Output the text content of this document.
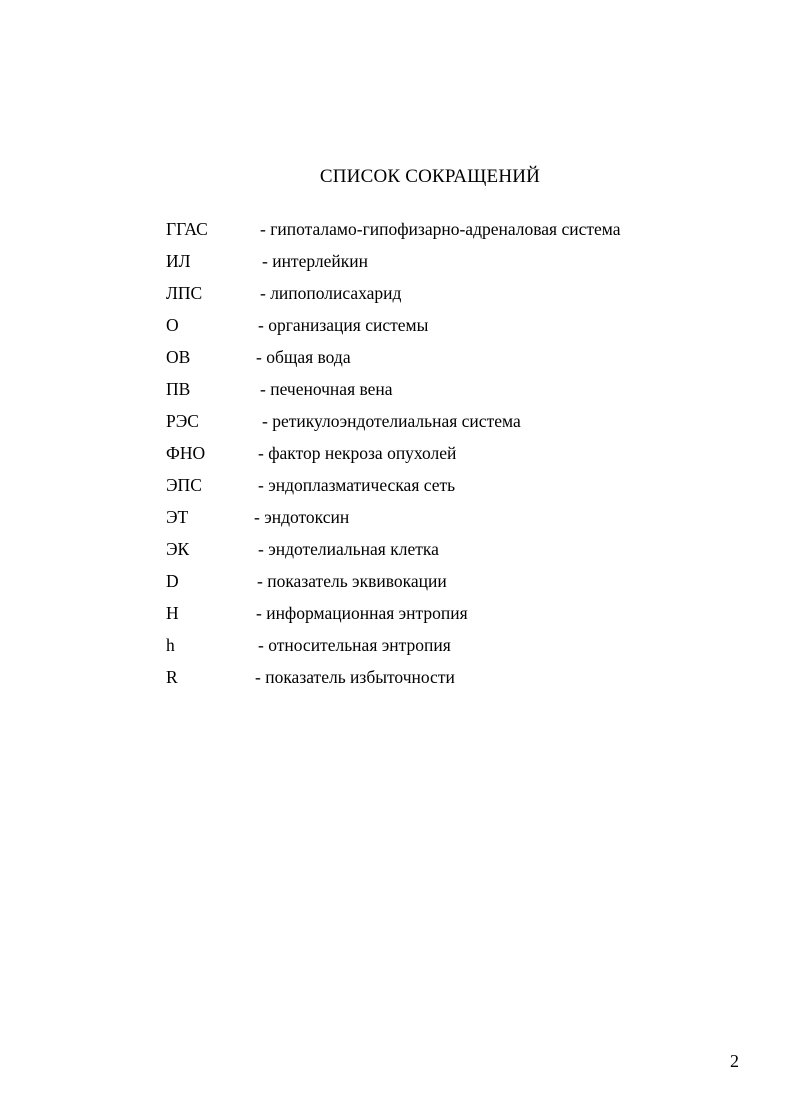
СПИСОК СОКРАЩЕНИЙ
ГГАС	- гипоталамо-гипофизарно-адреналовая система
ИЛ	- интерлейкин
ЛПС	- липополисахарид
О	- организация системы
ОВ	- общая вода
ПВ	- печеночная вена
РЭС	- ретикулоэндотелиальная система
ФНО	- фактор некроза опухолей
ЭПС	- эндоплазматическая сеть
ЭТ	- эндотоксин
ЭК	- эндотелиальная клетка
D	- показатель эквивокации
H	- информационная энтропия
h	- относительная энтропия
R	- показатель избыточности
2
